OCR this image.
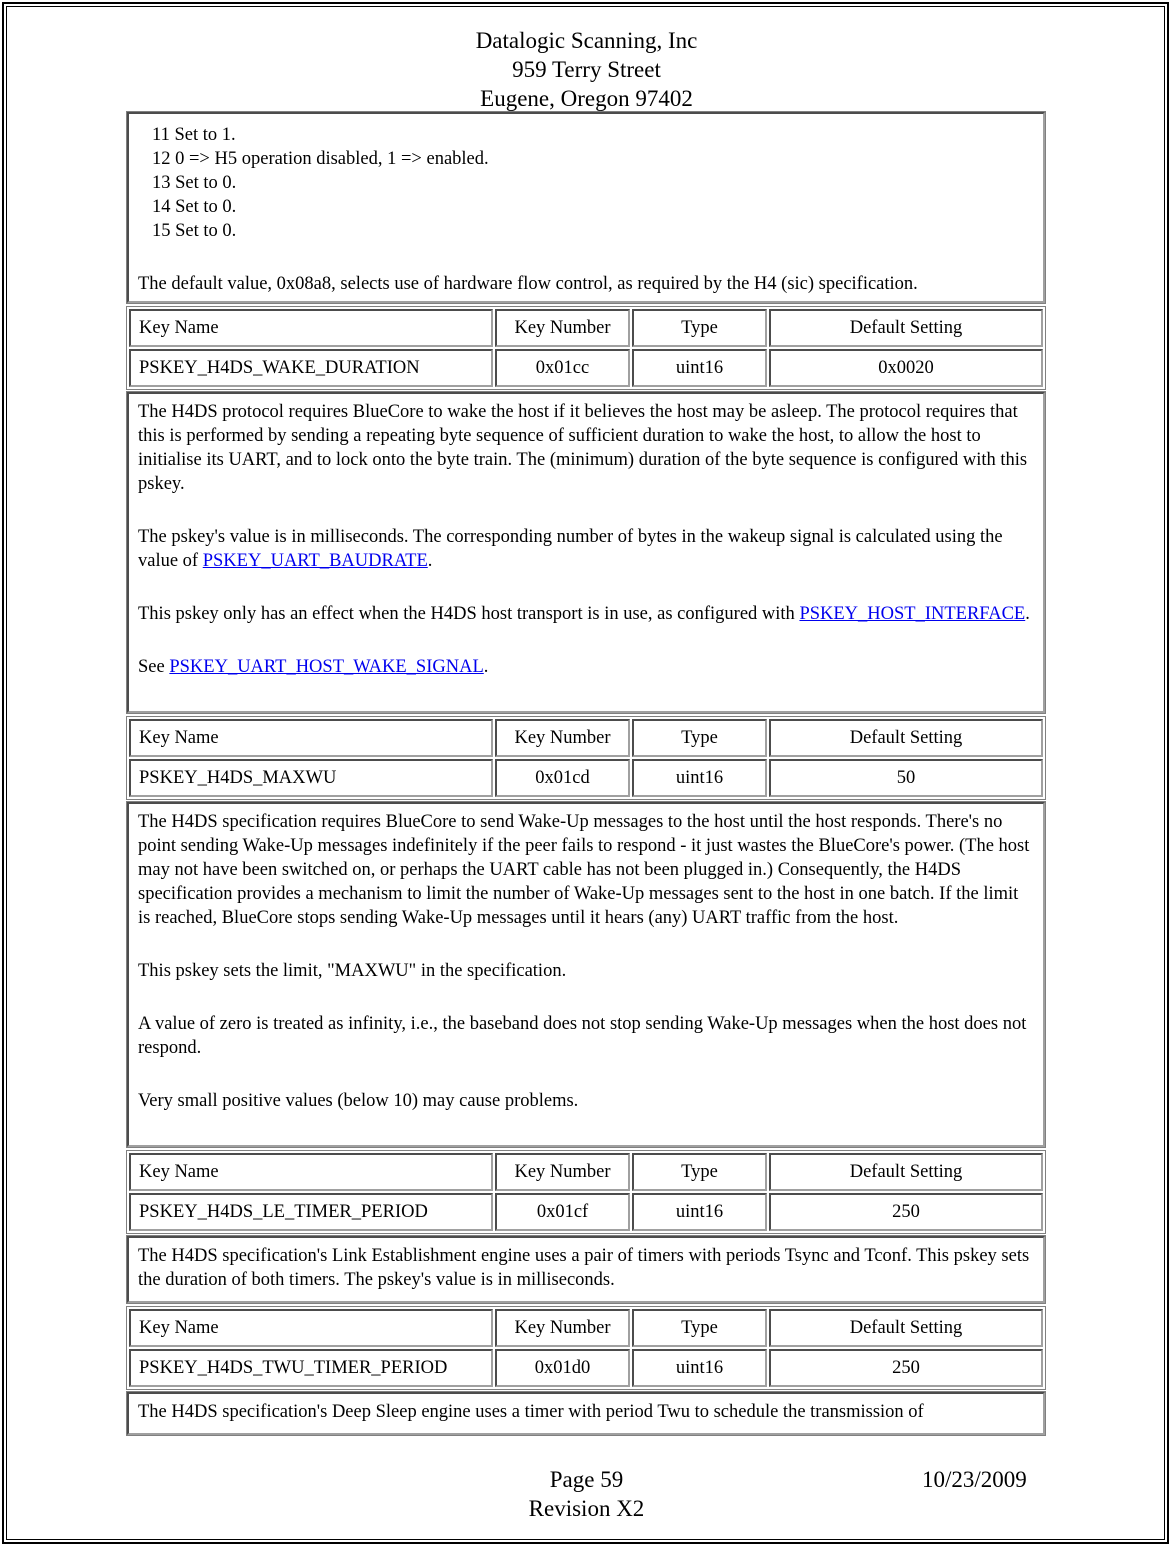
Datalogic Scanning, Inc
959 Terry Street
Eugene, Oregon 97402
11 Set to 1.
12 0 => H5 operation disabled, 1 => enabled.
13 Set to 0.
14 Set to 0.
15 Set to 0.

The default value, 0x08a8, selects use of hardware flow control, as required by the H4 (sic) specification.

Key Name	Key Number	Type	Default Setting
PSKEY_H4DS_WAKE_DURATION	0x01cc	uint16	0x0020

The H4DS protocol requires BlueCore to wake the host if it believes the host may be asleep. The protocol requires that this is performed by sending a repeating byte sequence of sufficient duration to wake the host, to allow the host to initialise its UART, and to lock onto the byte train. The (minimum) duration of the byte sequence is configured with this pskey.

The pskey's value is in milliseconds. The corresponding number of bytes in the wakeup signal is calculated using the value of PSKEY_UART_BAUDRATE.

This pskey only has an effect when the H4DS host transport is in use, as configured with PSKEY_HOST_INTERFACE.

See PSKEY_UART_HOST_WAKE_SIGNAL.

Key Name	Key Number	Type	Default Setting
PSKEY_H4DS_MAXWU	0x01cd	uint16	50

The H4DS specification requires BlueCore to send Wake-Up messages to the host until the host responds. There's no point sending Wake-Up messages indefinitely if the peer fails to respond - it just wastes the BlueCore's power. (The host may not have been switched on, or perhaps the UART cable has not been plugged in.) Consequently, the H4DS specification provides a mechanism to limit the number of Wake-Up messages sent to the host in one batch. If the limit is reached, BlueCore stops sending Wake-Up messages until it hears (any) UART traffic from the host.

This pskey sets the limit, "MAXWU" in the specification.

A value of zero is treated as infinity, i.e., the baseband does not stop sending Wake-Up messages when the host does not respond.

Very small positive values (below 10) may cause problems.

Key Name	Key Number	Type	Default Setting
PSKEY_H4DS_LE_TIMER_PERIOD	0x01cf	uint16	250

The H4DS specification's Link Establishment engine uses a pair of timers with periods Tsync and Tconf. This pskey sets the duration of both timers. The pskey's value is in milliseconds.

Key Name	Key Number	Type	Default Setting
PSKEY_H4DS_TWU_TIMER_PERIOD	0x01d0	uint16	250

The H4DS specification's Deep Sleep engine uses a timer with period Twu to schedule the transmission of

Page 59	10/23/2009
Revision X2
